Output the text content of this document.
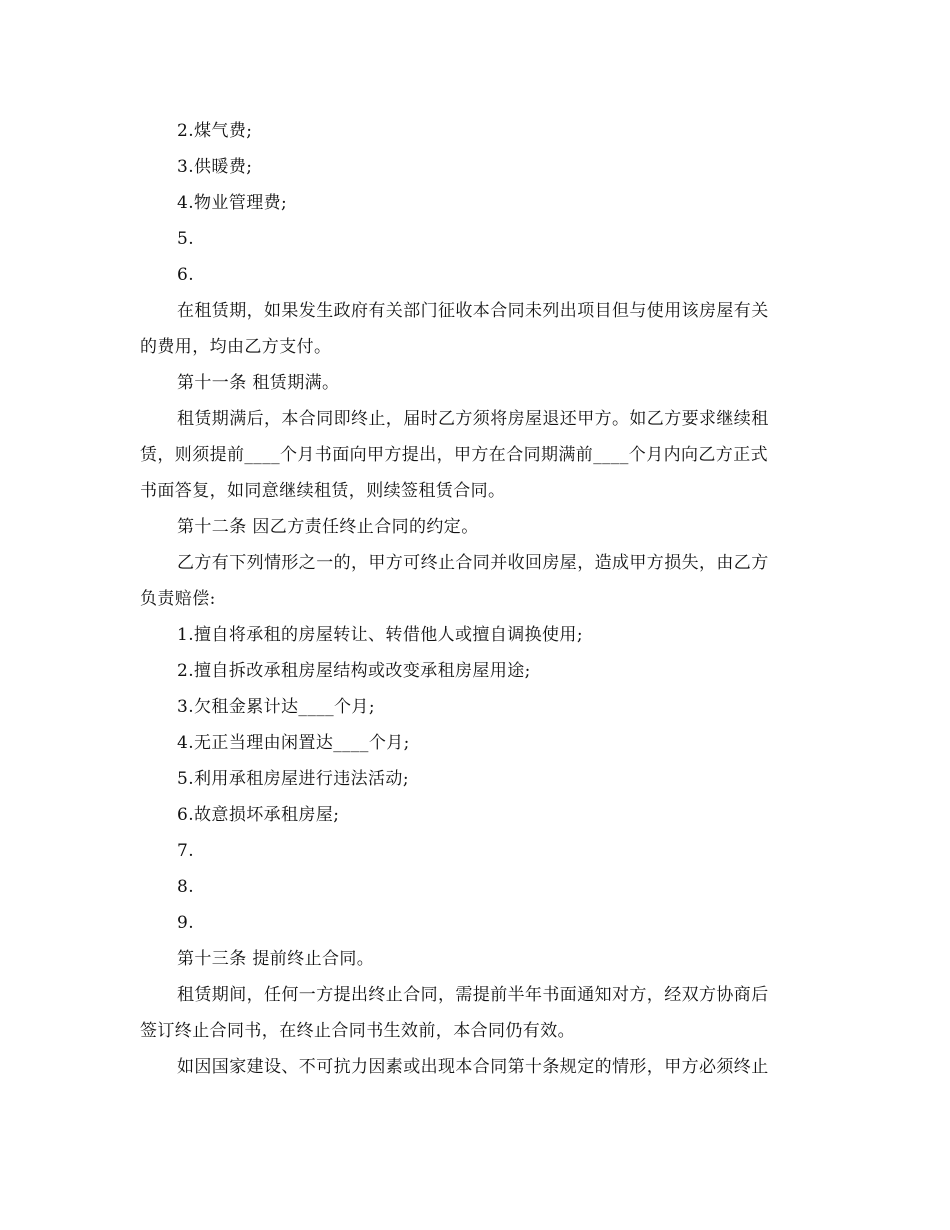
2.煤气费;
3.供暖费;
4.物业管理费;
5.
6.
在租赁期，如果发生政府有关部门征收本合同未列出项目但与使用该房屋有关
的费用，均由乙方支付。
第十一条 租赁期满。
租赁期满后，本合同即终止，届时乙方须将房屋退还甲方。如乙方要求继续租
赁，则须提前____个月书面向甲方提出，甲方在合同期满前____个月内向乙方正式
书面答复，如同意继续租赁，则续签租赁合同。
第十二条 因乙方责任终止合同的约定。
乙方有下列情形之一的，甲方可终止合同并收回房屋，造成甲方损失，由乙方
负责赔偿:
1.擅自将承租的房屋转让、转借他人或擅自调换使用;
2.擅自拆改承租房屋结构或改变承租房屋用途;
3.欠租金累计达____个月;
4.无正当理由闲置达____个月;
5.利用承租房屋进行违法活动;
6.故意损坏承租房屋;
7.
8.
9.
第十三条 提前终止合同。
租赁期间，任何一方提出终止合同，需提前半年书面通知对方，经双方协商后
签订终止合同书，在终止合同书生效前，本合同仍有效。
如因国家建设、不可抗力因素或出现本合同第十条规定的情形，甲方必须终止
